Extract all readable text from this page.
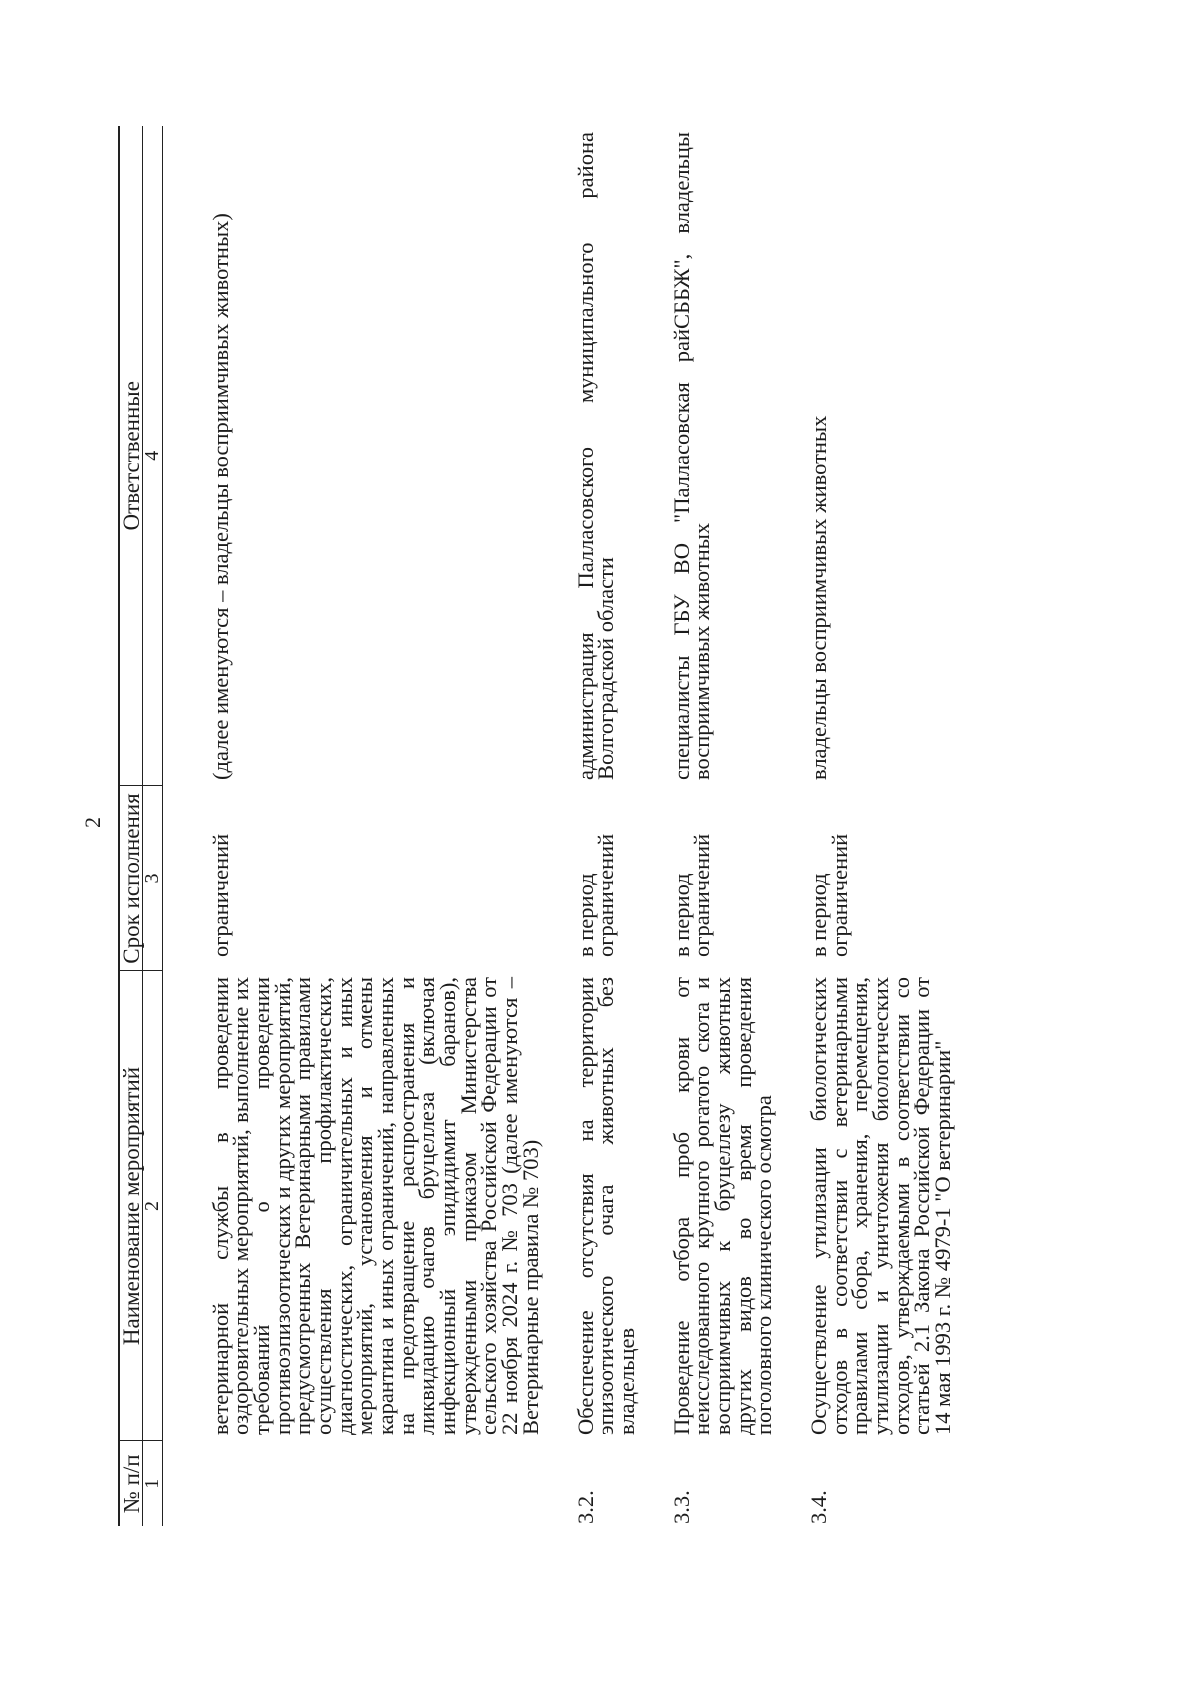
2
№ п/п	Наименование мероприятий	Срок исполнения	Ответственные
1	2	3	4
	ветеринарной службы в проведении оздоровительных мероприятий, выполнение их требований о проведении противоэпизоотических и других мероприятий, предусмотренных Ветеринарными правилами осуществления профилактических, диагностических, ограничительных и иных мероприятий, установления и отмены карантина и иных ограничений, направленных на предотвращение распространения и ликвидацию очагов бруцеллеза (включая инфекционный эпидидимит баранов), утвержденными приказом Министерства сельского хозяйства Российской Федерации от 22 ноября 2024 г. № 703 (далее именуются – Ветеринарные правила № 703)	ограничений	(далее именуются – владельцы восприимчивых животных)
3.2.	Обеспечение отсутствия на территории эпизоотического очага животных без владельцев	в период ограничений	администрация Палласовского муниципального района Волгоградской области
3.3.	Проведение отбора проб крови от неисследованного крупного рогатого скота и восприимчивых к бруцеллезу животных других видов во время проведения поголовного клинического осмотра	в период ограничений	специалисты ГБУ ВО "Палласовская райСББЖ", владельцы восприимчивых животных
3.4.	Осуществление утилизации биологических отходов в соответствии с ветеринарными правилами сбора, хранения, перемещения, утилизации и уничтожения биологических отходов, утверждаемыми в соответствии со статьей 2.1 Закона Российской Федерации от 14 мая 1993 г. № 4979-1 "О ветеринарии"	в период ограничений	владельцы восприимчивых животных
